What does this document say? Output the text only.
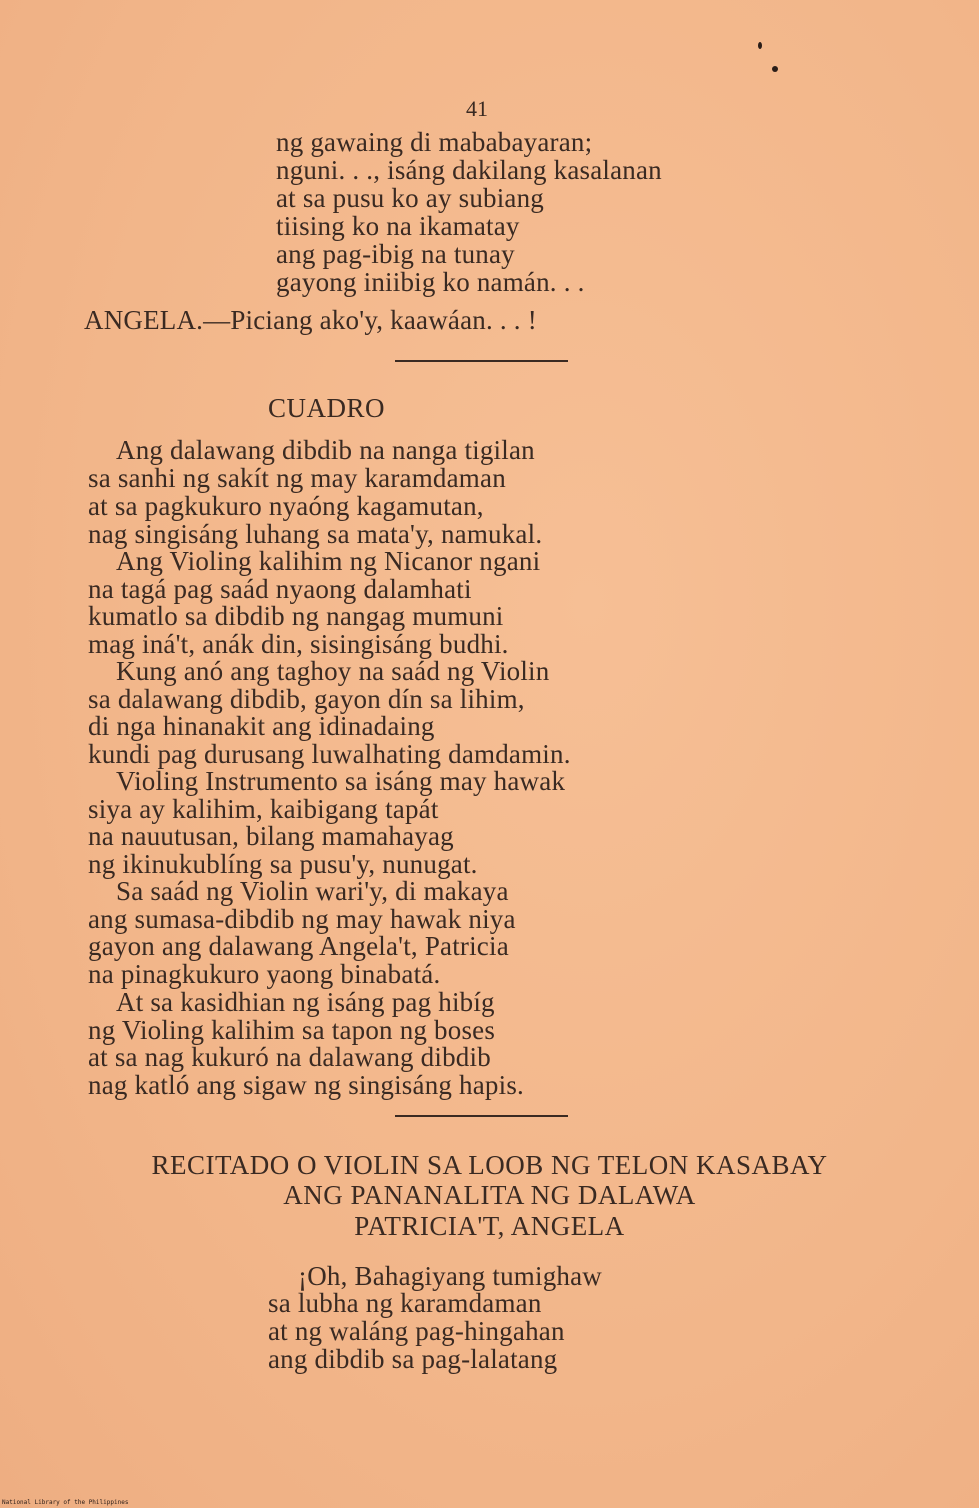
41
ng gawaing di mababayaran;
nguni. . ., isáng dakilang kasalanan
at sa pusu ko ay subiang
tiising ko na ikamatay
ang pag-ibig na tunay
gayong iniibig ko namán. . .
ANGELA.—Piciang ako'y, kaawáan. . . !
CUADRO
Ang dalawang dibdib na nanga tigilan
sa sanhi ng sakít ng may karamdaman
at sa pagkukuro nyaóng kagamutan,
nag singisáng luhang sa mata'y, namukal.
Ang Violing kalihim ng Nicanor ngani
na tagá pag saád nyaong dalamhati
kumatlo sa dibdib ng nangag mumuni
mag iná't, anák din, sisingisáng budhi.
Kung anó ang taghoy na saád ng Violin
sa dalawang dibdib, gayon dín sa lihim,
di nga hinanakit ang idinadaing
kundi pag durusang luwalhating damdamin.
Violing Instrumento sa isáng may hawak
siya ay kalihim, kaibigang tapát
na nauutusan, bilang mamahayag
ng ikinukublíng sa pusu'y, nunugat.
Sa saád ng Violin wari'y, di makaya
ang sumasa-dibdib ng may hawak niya
gayon ang dalawang Angela't, Patricia
na pinagkukuro yaong binabatá.
At sa kasidhian ng isáng pag hibíg
ng Violing kalihim sa tapon ng boses
at sa nag kukuró na dalawang dibdib
nag katló ang sigaw ng singisáng hapis.
RECITADO O VIOLIN SA LOOB NG TELON KASABAY
ANG PANANALITA NG DALAWA
PATRICIA'T, ANGELA
¡Oh, Bahagiyang tumighaw
sa lubha ng karamdaman
at ng waláng pag-hingahan
ang dibdib sa pag-lalatang
National Library of the Philippines
